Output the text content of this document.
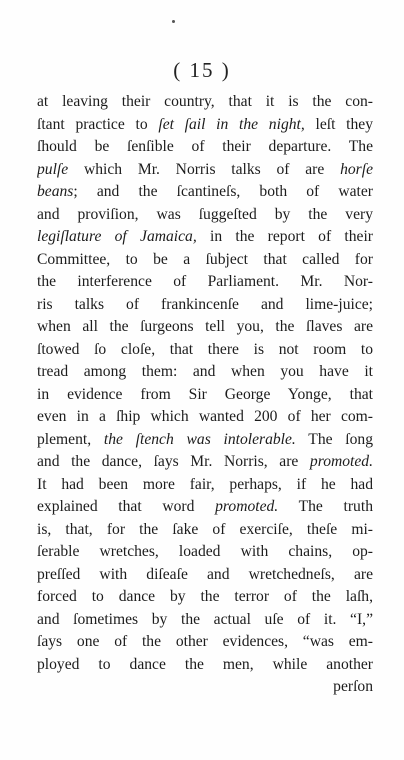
( 15 )
at leaving their country, that it is the con-
ſtant practice to ſet ſail in the night, leſt they
ſhould be ſenſible of their departure. The
pulſe which Mr. Norris talks of are horſe
beans; and the ſcantineſs, both of water
and proviſion, was ſuggeſted by the very
legiſlature of Jamaica, in the report of their
Committee, to be a ſubject that called for
the interference of Parliament. Mr. Nor-
ris talks of frankincenſe and lime-juice;
when all the ſurgeons tell you, the ſlaves are
ſtowed ſo cloſe, that there is not room to
tread among them: and when you have it
in evidence from Sir George Yonge, that
even in a ſhip which wanted 200 of her com-
plement, the ſtench was intolerable. The ſong
and the dance, ſays Mr. Norris, are promoted.
It had been more fair, perhaps, if he had
explained that word promoted. The truth
is, that, for the ſake of exerciſe, theſe mi-
ſerable wretches, loaded with chains, op-
preſſed with diſeaſe and wretchedneſs, are
forced to dance by the terror of the laſh,
and ſometimes by the actual uſe of it. “I,”
ſays one of the other evidences, “was em-
ployed to dance the men, while another
perſon
